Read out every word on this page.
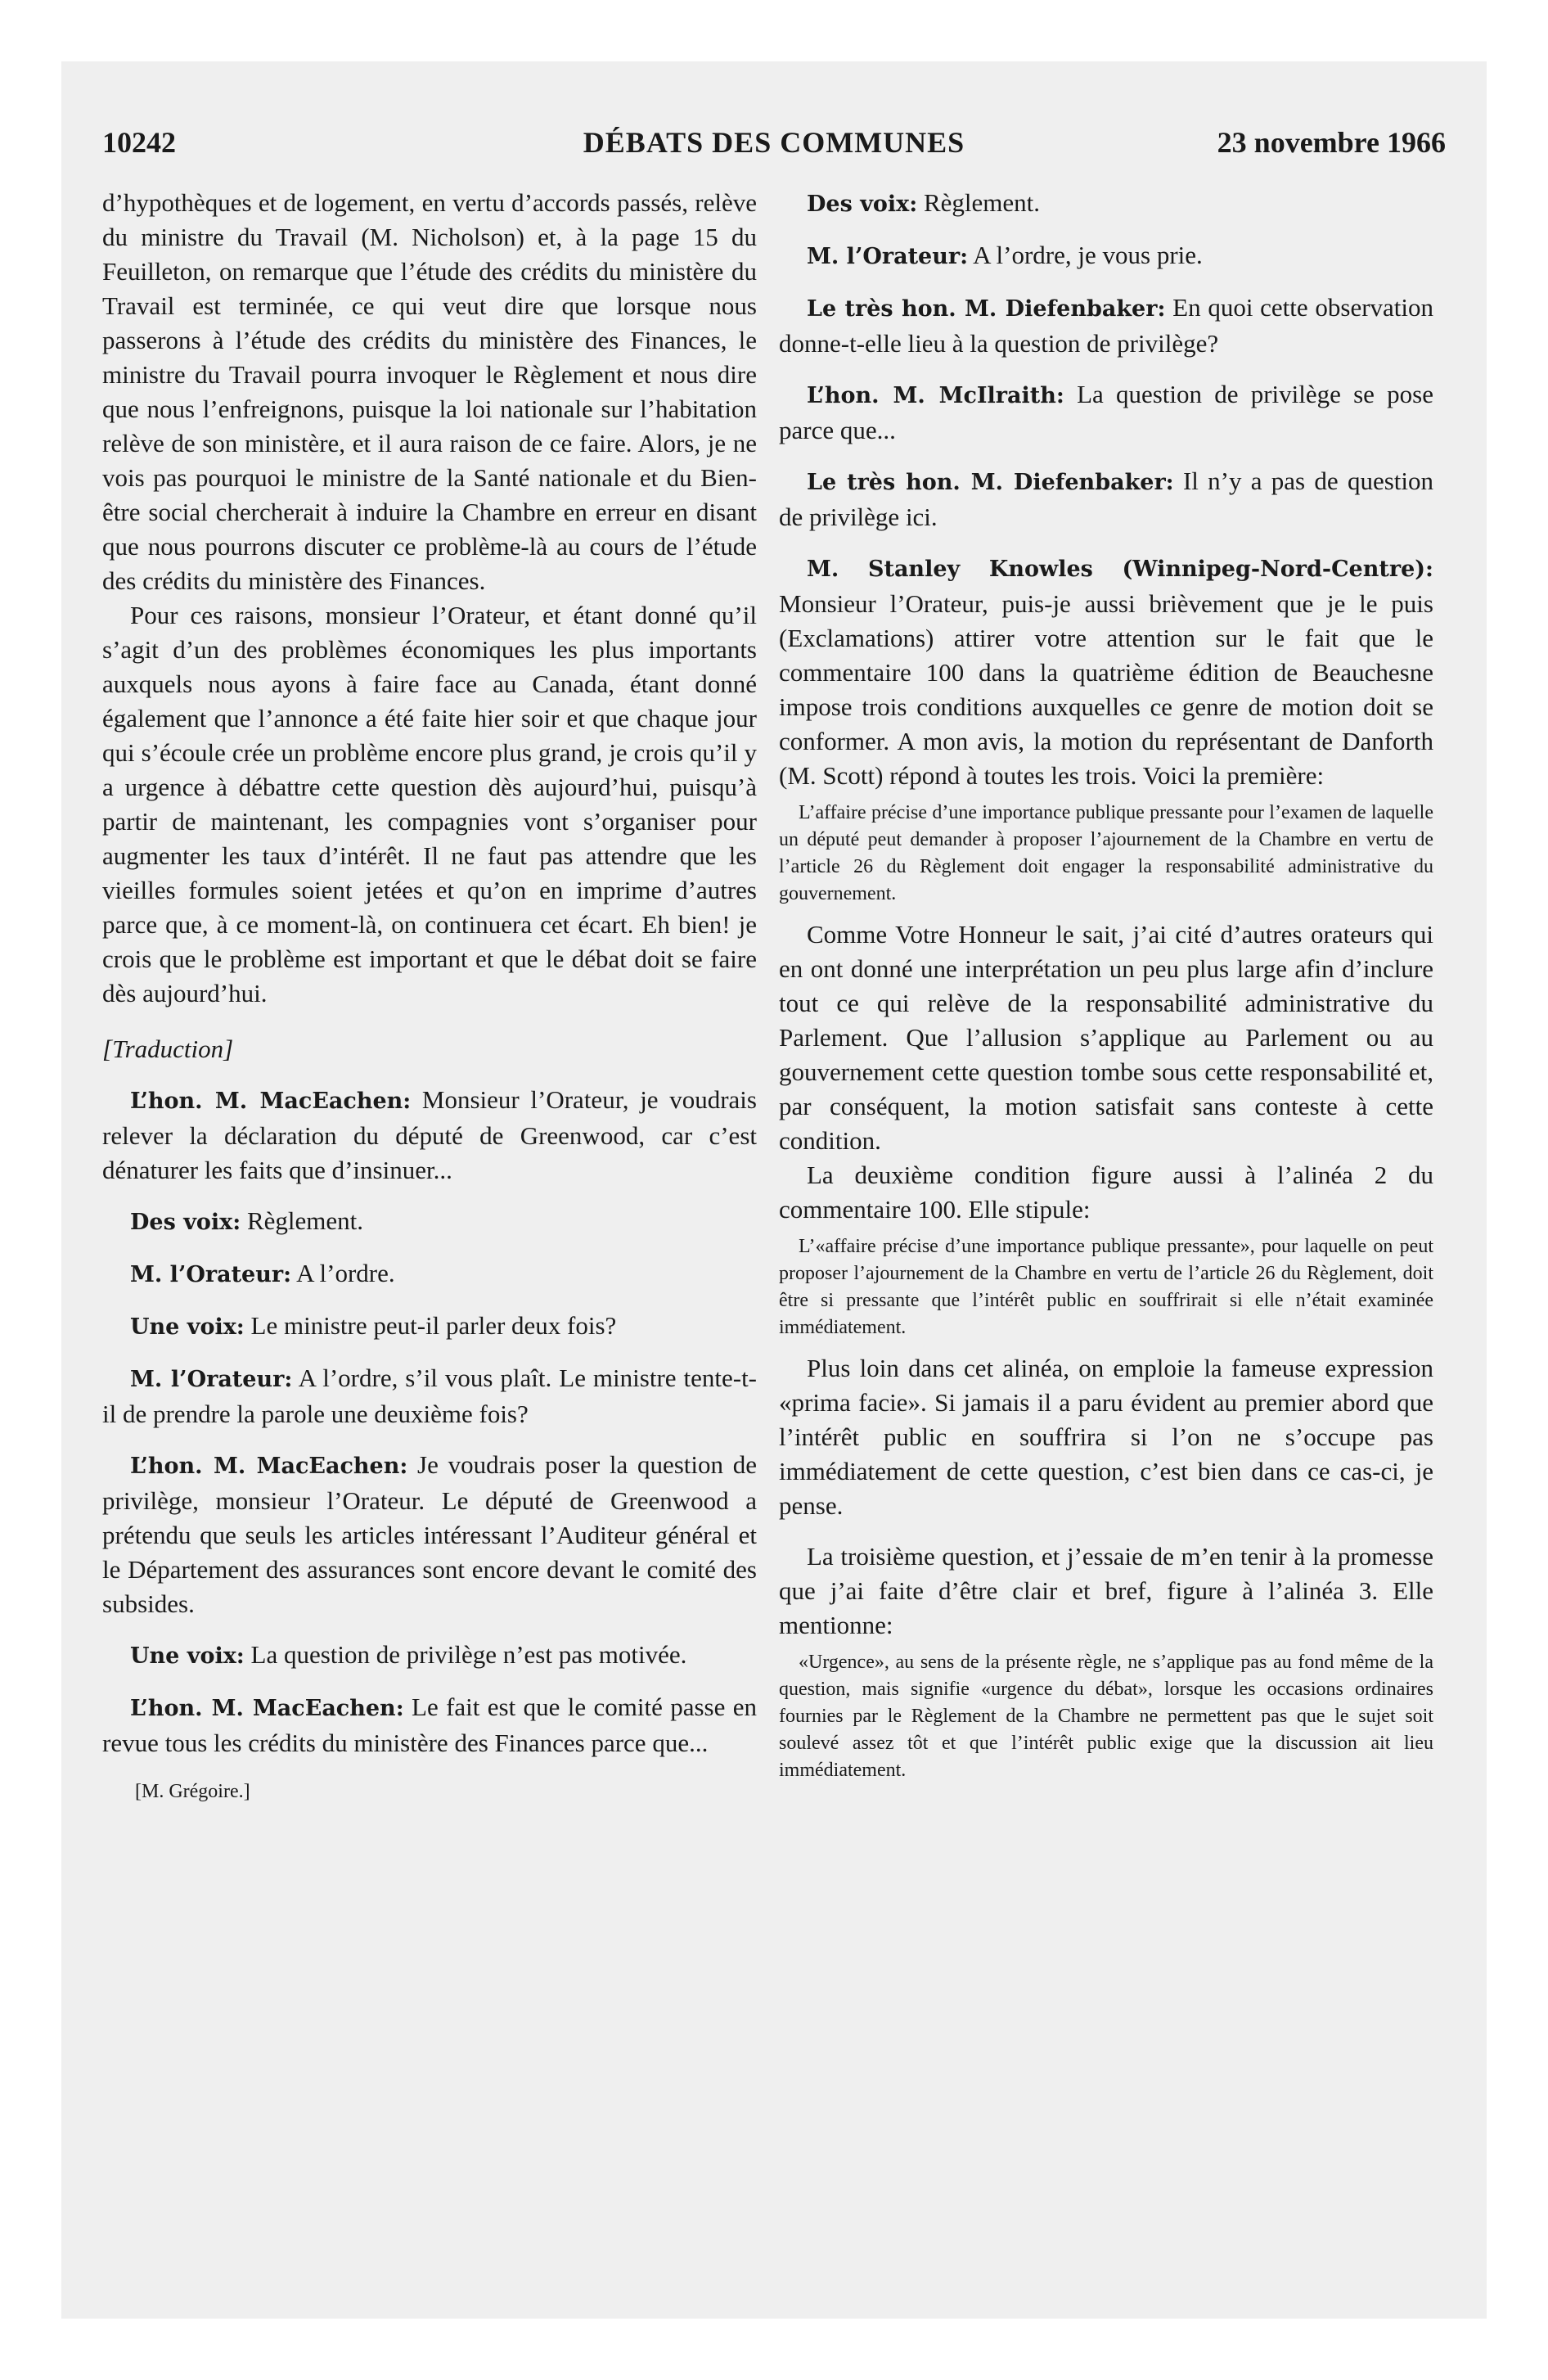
DÉBATS DES COMMUNES
10242	23 novembre 1966

d’hypothèques et de logement, en vertu d’accords passés, relève du ministre du Travail (M. Nicholson) et, à la page 15 du Feuilleton, on remarque que l’étude des crédits du ministère du Travail est terminée, ce qui veut dire que lorsque nous passerons à l’étude des crédits du ministère des Finances, le ministre du Travail pourra invoquer le Règlement et nous dire que nous l’enfreignons, puisque la loi nationale sur l’habitation relève de son ministère, et il aura raison de ce faire. Alors, je ne vois pas pourquoi le ministre de la Santé nationale et du Bien-être social chercherait à induire la Chambre en erreur en disant que nous pourrons discuter ce problème-là au cours de l’étude des crédits du ministère des Finances.

Pour ces raisons, monsieur l’Orateur, et étant donné qu’il s’agit d’un des problèmes économiques les plus importants auxquels nous ayons à faire face au Canada, étant donné également que l’annonce a été faite hier soir et que chaque jour qui s’écoule crée un problème encore plus grand, je crois qu’il y a urgence à débattre cette question dès aujourd’hui, puisqu’à partir de maintenant, les compagnies vont s’organiser pour augmenter les taux d’intérêt. Il ne faut pas attendre que les vieilles formules soient jetées et qu’on en imprime d’autres parce que, à ce moment-là, on continuera cet écart. Eh bien! je crois que le problème est important et que le débat doit se faire dès aujourd’hui.

[Traduction]

L’hon. M. MacEachen: Monsieur l’Orateur, je voudrais relever la déclaration du député de Greenwood, car c’est dénaturer les faits que d’insinuer...

Des voix: Règlement.

M. l’Orateur: A l’ordre.

Une voix: Le ministre peut-il parler deux fois?

M. l’Orateur: A l’ordre, s’il vous plaît. Le ministre tente-t-il de prendre la parole une deuxième fois?

L’hon. M. MacEachen: Je voudrais poser la question de privilège, monsieur l’Orateur. Le député de Greenwood a prétendu que seuls les articles intéressant l’Auditeur général et le Département des assurances sont encore devant le comité des subsides.

Une voix: La question de privilège n’est pas motivée.

L’hon. M. MacEachen: Le fait est que le comité passe en revue tous les crédits du ministère des Finances parce que...

[M. Grégoire.]

Des voix: Règlement.

M. l’Orateur: A l’ordre, je vous prie.

Le très hon. M. Diefenbaker: En quoi cette observation donne-t-elle lieu à la question de privilège?

L’hon. M. McIlraith: La question de privilège se pose parce que...

Le très hon. M. Diefenbaker: Il n’y a pas de question de privilège ici.

M. Stanley Knowles (Winnipeg-Nord-Centre): Monsieur l’Orateur, puis-je aussi brièvement que je le puis (Exclamations) attirer votre attention sur le fait que le commentaire 100 dans la quatrième édition de Beauchesne impose trois conditions auxquelles ce genre de motion doit se conformer. A mon avis, la motion du représentant de Danforth (M. Scott) répond à toutes les trois. Voici la première:

L’affaire précise d’une importance publique pressante pour l’examen de laquelle un député peut demander à proposer l’ajournement de la Chambre en vertu de l’article 26 du Règlement doit engager la responsabilité administrative du gouvernement.

Comme Votre Honneur le sait, j’ai cité d’autres orateurs qui en ont donné une interprétation un peu plus large afin d’inclure tout ce qui relève de la responsabilité administrative du Parlement. Que l’allusion s’applique au Parlement ou au gouvernement cette question tombe sous cette responsabilité et, par conséquent, la motion satisfait sans conteste à cette condition.

La deuxième condition figure aussi à l’alinéa 2 du commentaire 100. Elle stipule:

L’«affaire précise d’une importance publique pressante», pour laquelle on peut proposer l’ajournement de la Chambre en vertu de l’article 26 du Règlement, doit être si pressante que l’intérêt public en souffrirait si elle n’était examinée immédiatement.

Plus loin dans cet alinéa, on emploie la fameuse expression «prima facie». Si jamais il a paru évident au premier abord que l’intérêt public en souffrira si l’on ne s’occupe pas immédiatement de cette question, c’est bien dans ce cas-ci, je pense.

La troisième question, et j’essaie de m’en tenir à la promesse que j’ai faite d’être clair et bref, figure à l’alinéa 3. Elle mentionne:

«Urgence», au sens de la présente règle, ne s’applique pas au fond même de la question, mais signifie «urgence du débat», lorsque les occasions ordinaires fournies par le Règlement de la Chambre ne permettent pas que le sujet soit soulevé assez tôt et que l’intérêt public exige que la discussion ait lieu immédiatement.
